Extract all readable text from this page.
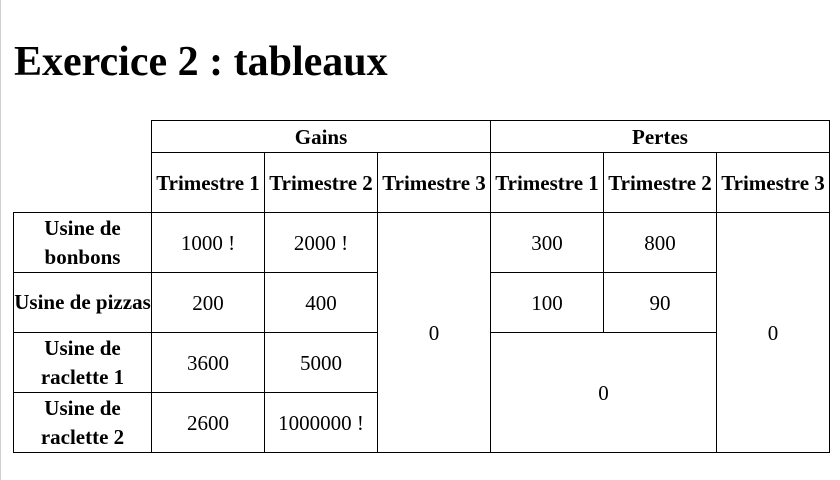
Exercice 2 : tableaux
	Gains			Pertes		
	Trimestre 1	Trimestre 2	Trimestre 3	Trimestre 1	Trimestre 2	Trimestre 3
Usine de bonbons	1000 !	2000 !	0	300	800	0
Usine de pizzas	200	400		100	90	
Usine de raclette 1	3600	5000		0		
Usine de raclette 2	2600	1000000 !				
